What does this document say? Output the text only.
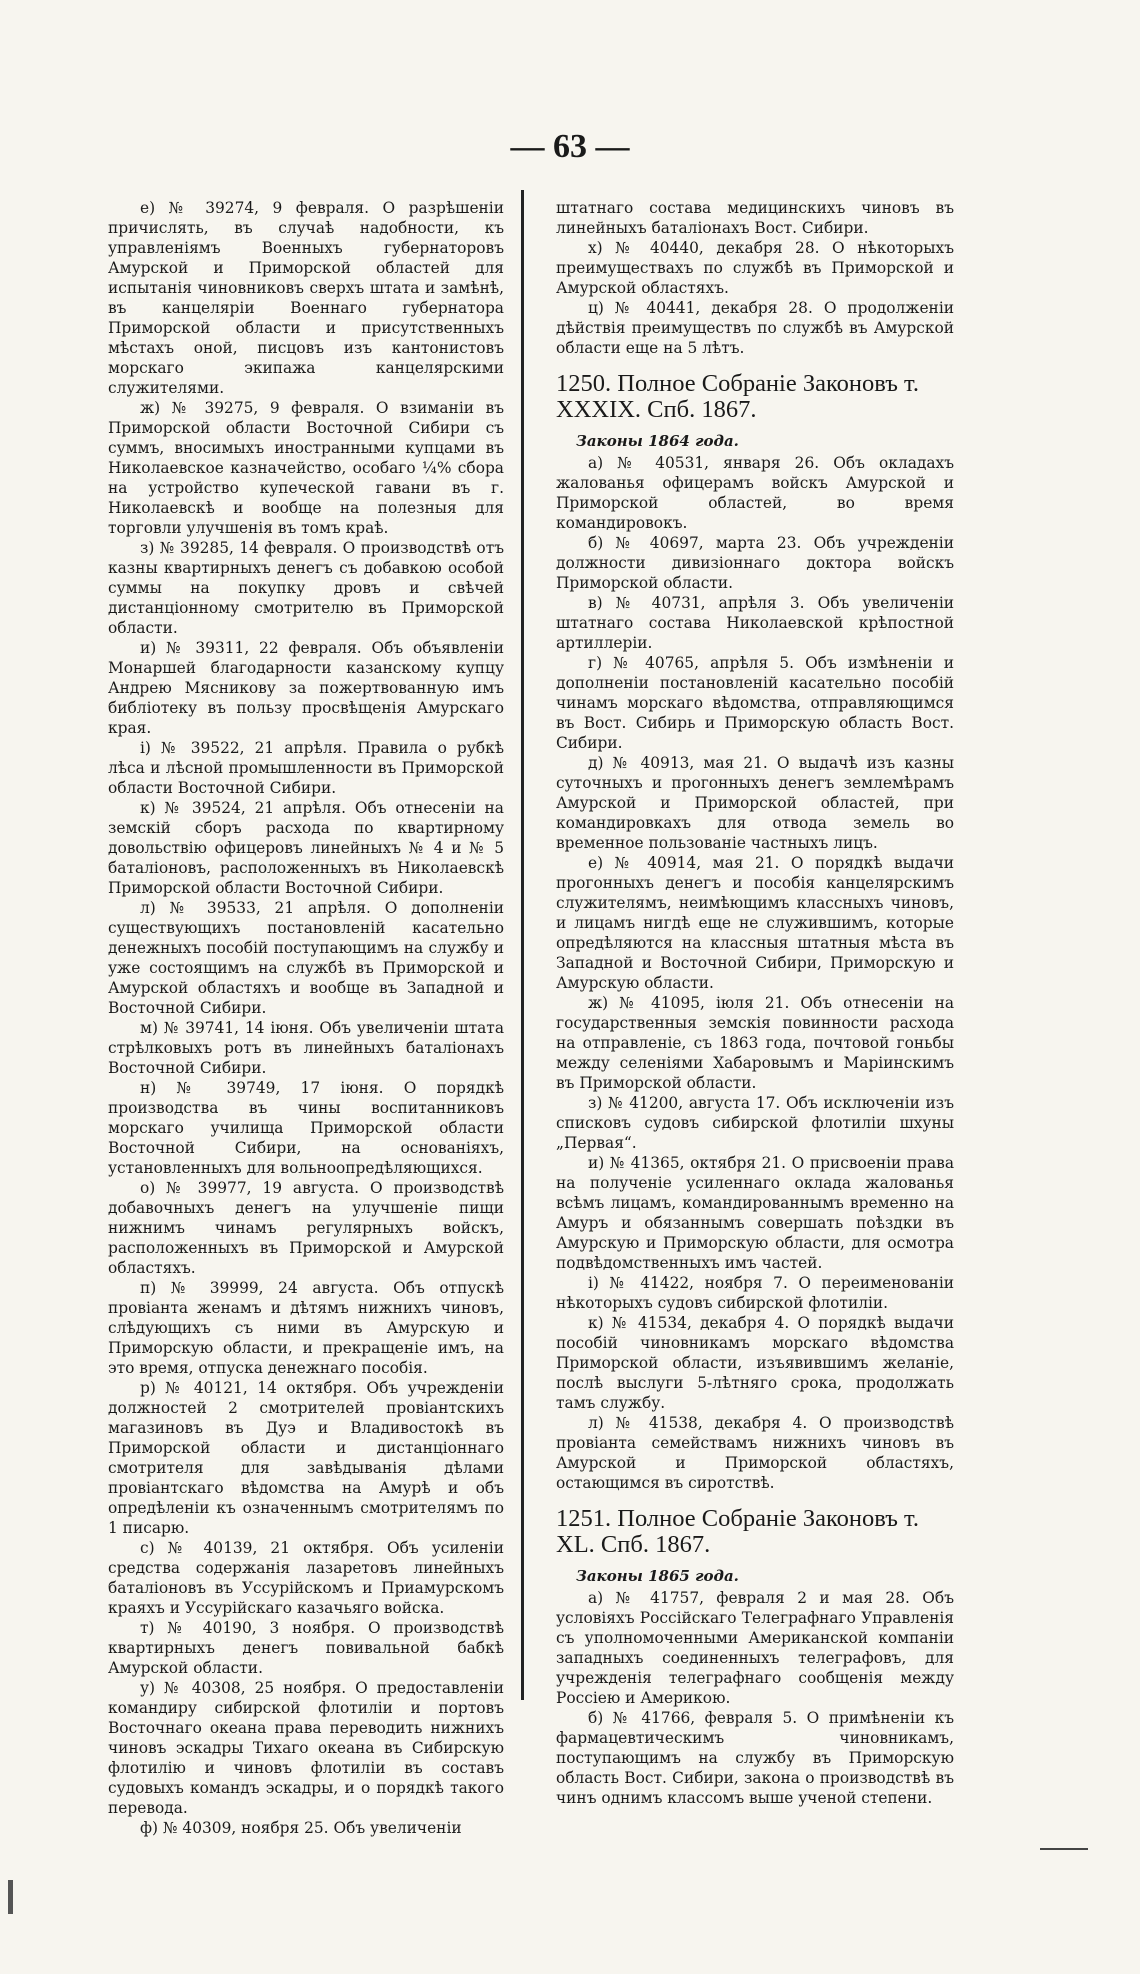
— 63 —

е) № 39274, 9 февраля. О разрѣшенiи причислять, въ случаѣ надобности, къ управленiямъ Военныхъ губернаторовъ Амурской и Приморской областей для испытанiя чиновниковъ сверхъ штата и замѣнѣ, въ канцелярiи Военнаго губернатора Приморской области и присутственныхъ мѣстахъ оной, писцовъ изъ кантонистовъ морскаго экипажа канцелярскими служителями.

ж) № 39275, 9 февраля. О взиманiи въ Приморской области Восточной Сибири съ суммъ, вносимыхъ иностранными купцами въ Николаевское казначейство, особаго ¼% сбора на устройство купеческой гавани въ г. Николаевскѣ и вообще на полезныя для торговли улучшенiя въ томъ краѣ.

з) № 39285, 14 февраля. О производствѣ отъ казны квартирныхъ денегъ съ добавкою особой суммы на покупку дровъ и свѣчей дистанцiонному смотрителю въ Приморской области.

и) № 39311, 22 февраля. Объ объявленiи Монаршей благодарности казанскому купцу Андрею Мясникову за пожертвованную имъ библiотеку въ пользу просвѣщенiя Амурскаго края.

і) № 39522, 21 апрѣля. Правила о рубкѣ лѣса и лѣсной промышленности въ Приморской области Восточной Сибири.

к) № 39524, 21 апрѣля. Объ отнесенiи на земскiй сборъ расхода по квартирному довольствiю офицеровъ линейныхъ № 4 и № 5 баталiоновъ, расположенныхъ въ Николаевскѣ Приморской области Восточной Сибири.

л) № 39533, 21 апрѣля. О дополненiи существующихъ постановленiй касательно денежныхъ пособiй поступающимъ на службу и уже состоящимъ на службѣ въ Приморской и Амурской областяхъ и вообще въ Западной и Восточной Сибири.

м) № 39741, 14 iюня. Объ увеличенiи штата стрѣлковыхъ ротъ въ линейныхъ баталiонахъ Восточной Сибири.

н) № 39749, 17 iюня. О порядкѣ производства въ чины воспитанниковъ морскаго училища Приморской области Восточной Сибири, на основанiяхъ, установленныхъ для вольноопредѣляющихся.

о) № 39977, 19 августа. О производствѣ добавочныхъ денегъ на улучшенiе пищи нижнимъ чинамъ регулярныхъ войскъ, расположенныхъ въ Приморской и Амурской областяхъ.

п) № 39999, 24 августа. Объ отпускѣ провiанта женамъ и дѣтямъ нижнихъ чиновъ, слѣдующихъ съ ними въ Амурскую и Приморскую области, и прекращенiе имъ, на это время, отпуска денежнаго пособiя.

р) № 40121, 14 октября. Объ учрежденiи должностей 2 смотрителей провiантскихъ магазиновъ въ Дуэ и Владивостокѣ въ Приморской области и дистанцiоннаго смотрителя для завѣдыванiя дѣлами провiантскаго вѣдомства на Амурѣ и объ опредѣленiи къ означеннымъ смотрителямъ по 1 писарю.

с) № 40139, 21 октября. Объ усиленiи средства содержанiя лазаретовъ линейныхъ баталiоновъ въ Уссурiйскомъ и Приамурскомъ краяхъ и Уссурiйскаго казачьяго войска.

т) № 40190, 3 ноября. О производствѣ квартирныхъ денегъ повивальной бабкѣ Амурской области.

у) № 40308, 25 ноября. О предоставленiи командиру сибирской флотилiи и портовъ Восточнаго океана права переводить нижнихъ чиновъ эскадры Тихаго океана въ Сибирскую флотилiю и чиновъ флотилiи въ составъ судовыхъ командъ эскадры, и о порядкѣ такого перевода.

ф) № 40309, ноября 25. Объ увеличенiи

штатнаго состава медицинскихъ чиновъ въ линейныхъ баталiонахъ Вост. Сибири.

х) № 40440, декабря 28. О нѣкоторыхъ преимуществахъ по службѣ въ Приморской и Амурской областяхъ.

ц) № 40441, декабря 28. О продолженiи дѣйствiя преимуществъ по службѣ въ Амурской области еще на 5 лѣтъ.

1250. Полное Собранiе Законовъ т. XXXIX. Спб. 1867.
Законы 1864 года.

а) № 40531, января 26. Объ окладахъ жалованья офицерамъ войскъ Амурской и Приморской областей, во время командировокъ.

б) № 40697, марта 23. Объ учрежденiи должности дивизiоннаго доктора войскъ Приморской области.

в) № 40731, апрѣля 3. Объ увеличенiи штатнаго состава Николаевской крѣпостной артиллерiи.

г) № 40765, апрѣля 5. Объ измѣненiи и дополненiи постановленiй касательно пособiй чинамъ морскаго вѣдомства, отправляющимся въ Вост. Сибирь и Приморскую область Вост. Сибири.

д) № 40913, мая 21. О выдачѣ изъ казны суточныхъ и прогонныхъ денегъ землемѣрамъ Амурской и Приморской областей, при командировкахъ для отвода земель во временное пользованiе частныхъ лицъ.

е) № 40914, мая 21. О порядкѣ выдачи прогонныхъ денегъ и пособiя канцелярскимъ служителямъ, неимѣющимъ классныхъ чиновъ, и лицамъ нигдѣ еще не служившимъ, которые опредѣляются на классныя штатныя мѣста въ Западной и Восточной Сибири, Приморскую и Амурскую области.

ж) № 41095, iюля 21. Объ отнесенiи на государственныя земскiя повинности расхода на отправленiе, съ 1863 года, почтовой гоньбы между селенiями Хабаровымъ и Марiинскимъ въ Приморской области.

з) № 41200, августа 17. Объ исключенiи изъ списковъ судовъ сибирской флотилiи шхуны „Первая“.

и) № 41365, октября 21. О присвоенiи права на полученiе усиленнаго оклада жалованья всѣмъ лицамъ, командированнымъ временно на Амуръ и обязаннымъ совершать поѣздки въ Амурскую и Приморскую области, для осмотра подвѣдомственныхъ имъ частей.

і) № 41422, ноября 7. О переименованiи нѣкоторыхъ судовъ сибирской флотилiи.

к) № 41534, декабря 4. О порядкѣ выдачи пособiй чиновникамъ морскаго вѣдомства Приморской области, изъявившимъ желанiе, послѣ выслуги 5-лѣтняго срока, продолжать тамъ службу.

л) № 41538, декабря 4. О производствѣ провiанта семействамъ нижнихъ чиновъ въ Амурской и Приморской областяхъ, остающимся въ сиротствѣ.

1251. Полное Собранiе Законовъ т. XL. Спб. 1867.
Законы 1865 года.

а) № 41757, февраля 2 и мая 28. Объ условiяхъ Россiйскаго Телеграфнаго Управленiя съ уполномоченными Американской компанiи западныхъ соединенныхъ телеграфовъ, для учрежденiя телеграфнаго сообщенiя между Россiею и Америкою.

б) № 41766, февраля 5. О примѣненiи къ фармацевтическимъ чиновникамъ, поступающимъ на службу въ Приморскую область Вост. Сибири, закона о производствѣ въ чинъ однимъ классомъ выше ученой степени.
